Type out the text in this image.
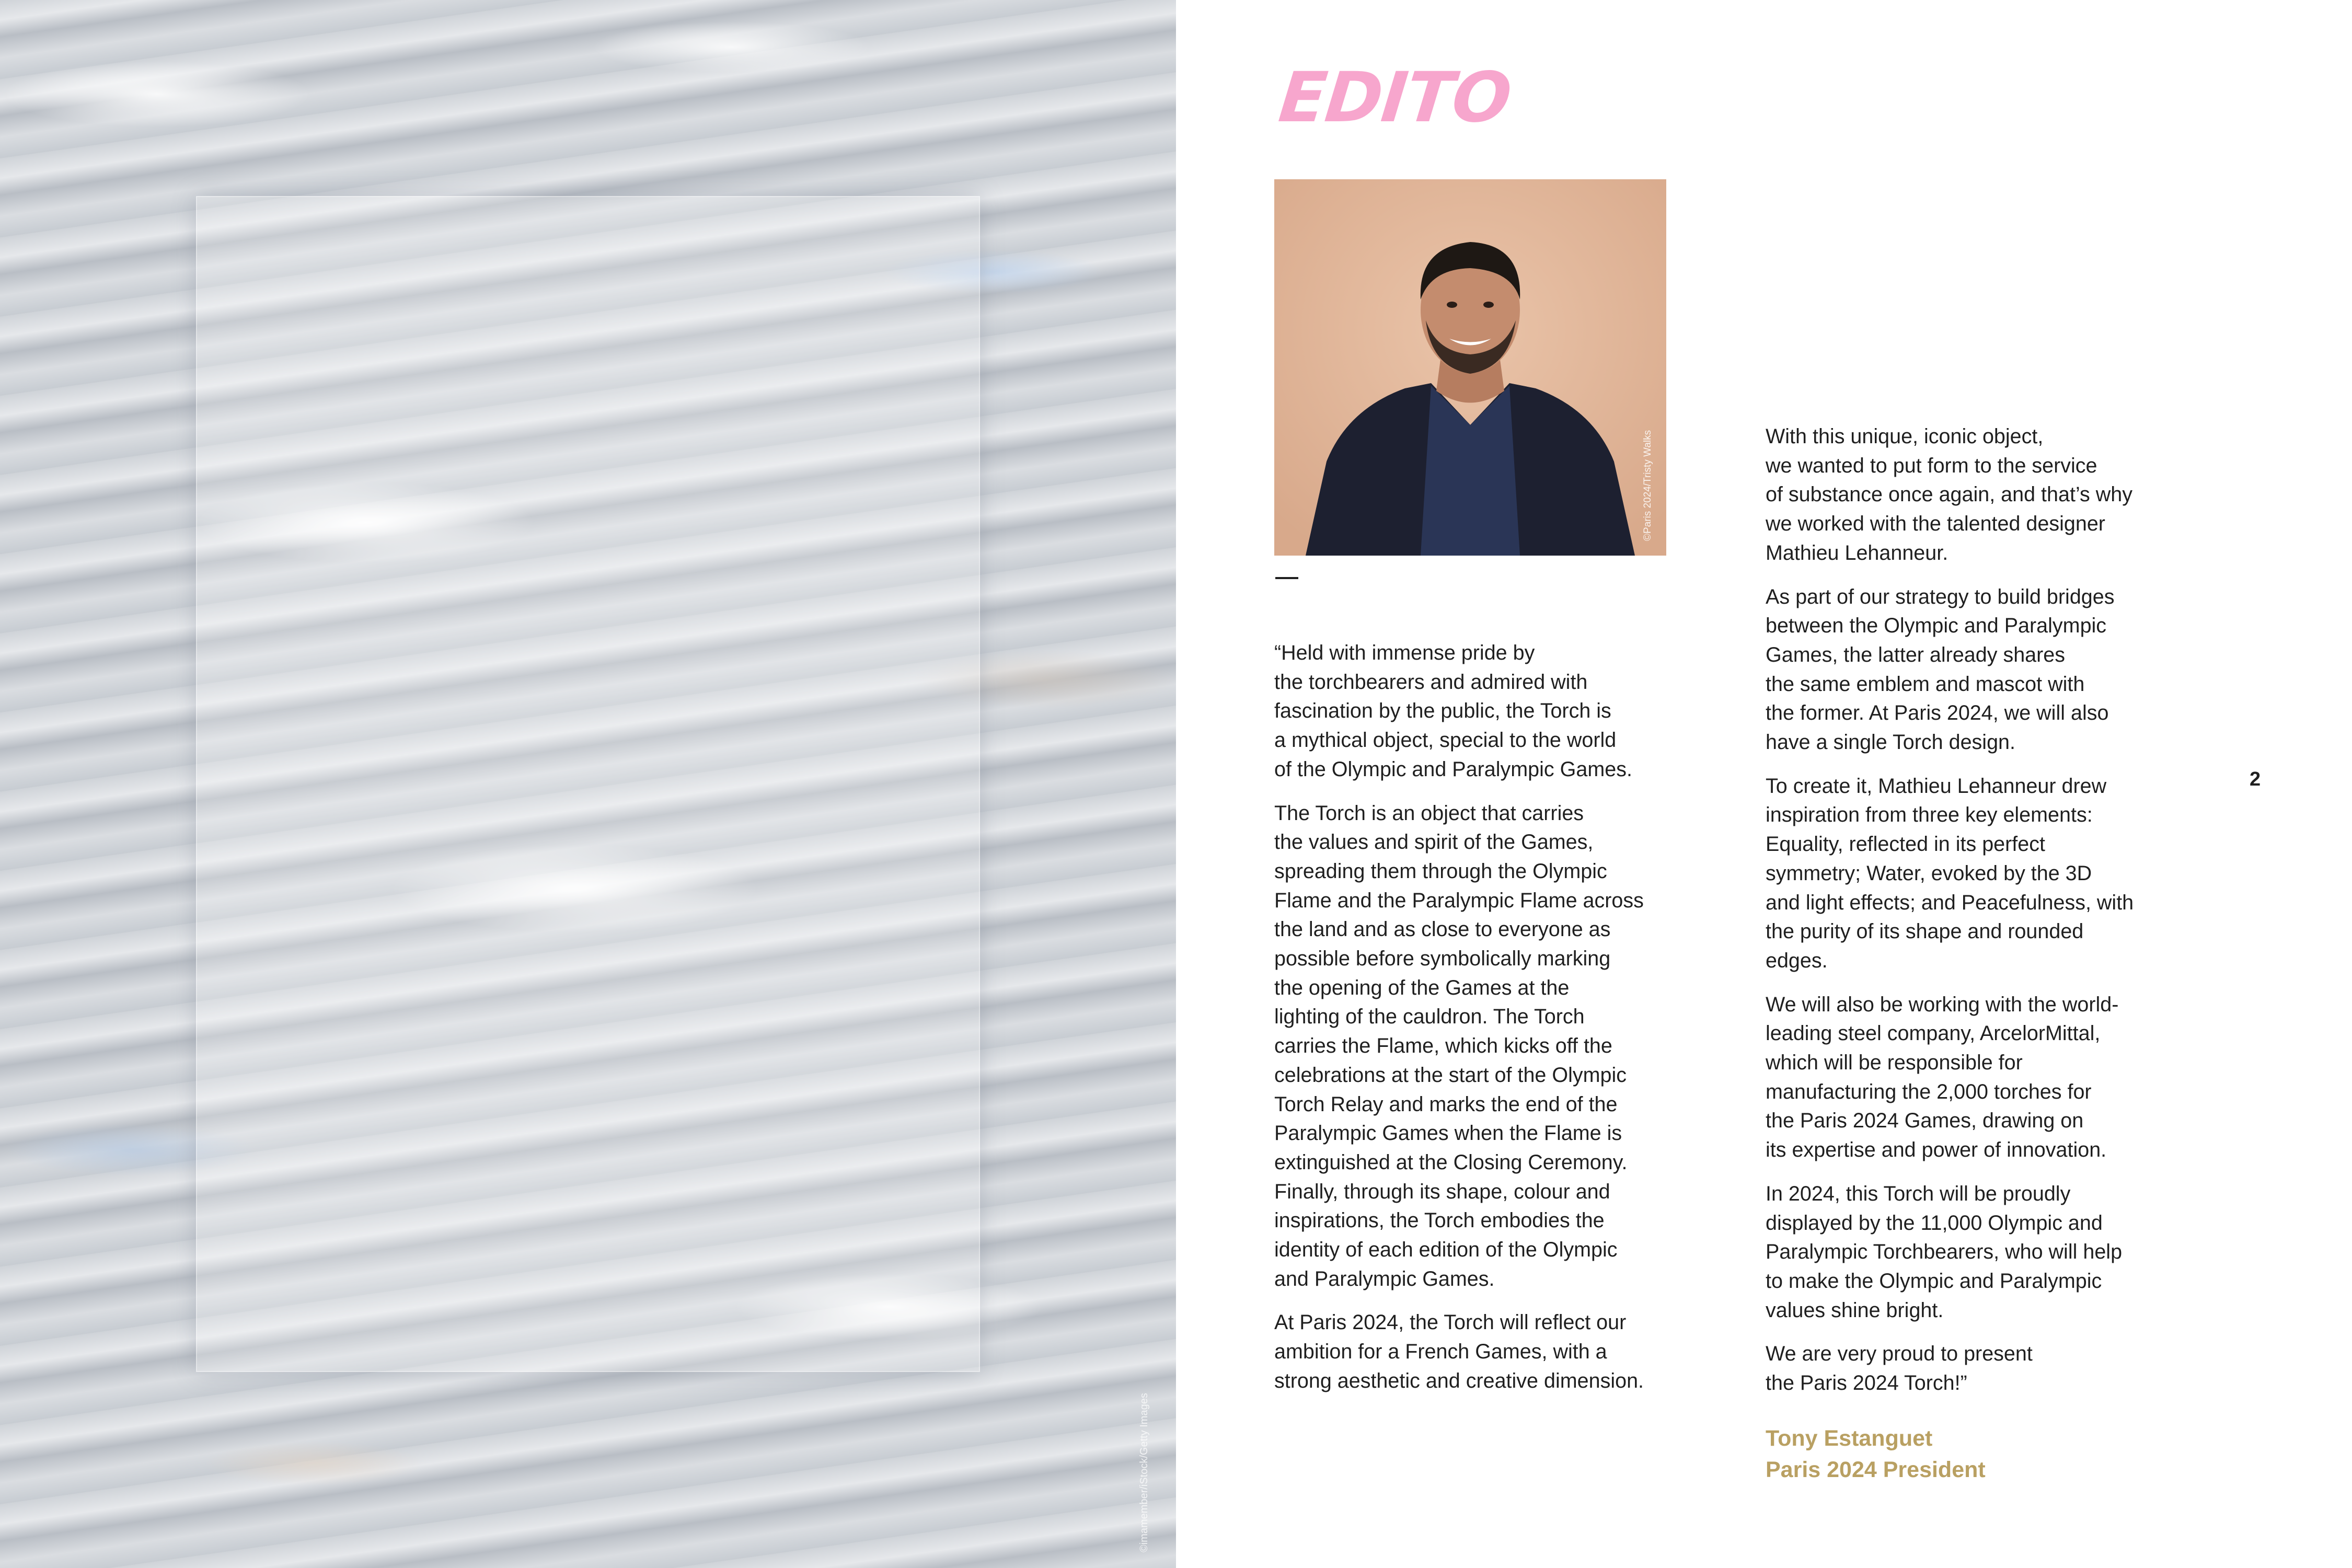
©imamember/iStock/Getty Images
EDITO
©Paris 2024/Tristy Walks

“Held with immense pride by
the torchbearers and admired with
fascination by the public, the Torch is
a mythical object, special to the world
of the Olympic and Paralympic Games.

The Torch is an object that carries
the values and spirit of the Games,
spreading them through the Olympic
Flame and the Paralympic Flame across
the land and as close to everyone as
possible before symbolically marking
the opening of the Games at the
lighting of the cauldron. The Torch
carries the Flame, which kicks off the
celebrations at the start of the Olympic
Torch Relay and marks the end of the
Paralympic Games when the Flame is
extinguished at the Closing Ceremony.
Finally, through its shape, colour and
inspirations, the Torch embodies the
identity of each edition of the Olympic
and Paralympic Games.

At Paris 2024, the Torch will reflect our
ambition for a French Games, with a
strong aesthetic and creative dimension.

With this unique, iconic object,
we wanted to put form to the service
of substance once again, and that’s why
we worked with the talented designer
Mathieu Lehanneur.

As part of our strategy to build bridges
between the Olympic and Paralympic
Games, the latter already shares
the same emblem and mascot with
the former. At Paris 2024, we will also
have a single Torch design.

To create it, Mathieu Lehanneur drew
inspiration from three key elements:
Equality, reflected in its perfect
symmetry; Water, evoked by the 3D
and light effects; and Peacefulness, with
the purity of its shape and rounded
edges.

We will also be working with the world-
leading steel company, ArcelorMittal,
which will be responsible for
manufacturing the 2,000 torches for
the Paris 2024 Games, drawing on
its expertise and power of innovation.

In 2024, this Torch will be proudly
displayed by the 11,000 Olympic and
Paralympic Torchbearers, who will help
to make the Olympic and Paralympic
values shine bright.

We are very proud to present
the Paris 2024 Torch!”

Tony Estanguet
Paris 2024 President
2
